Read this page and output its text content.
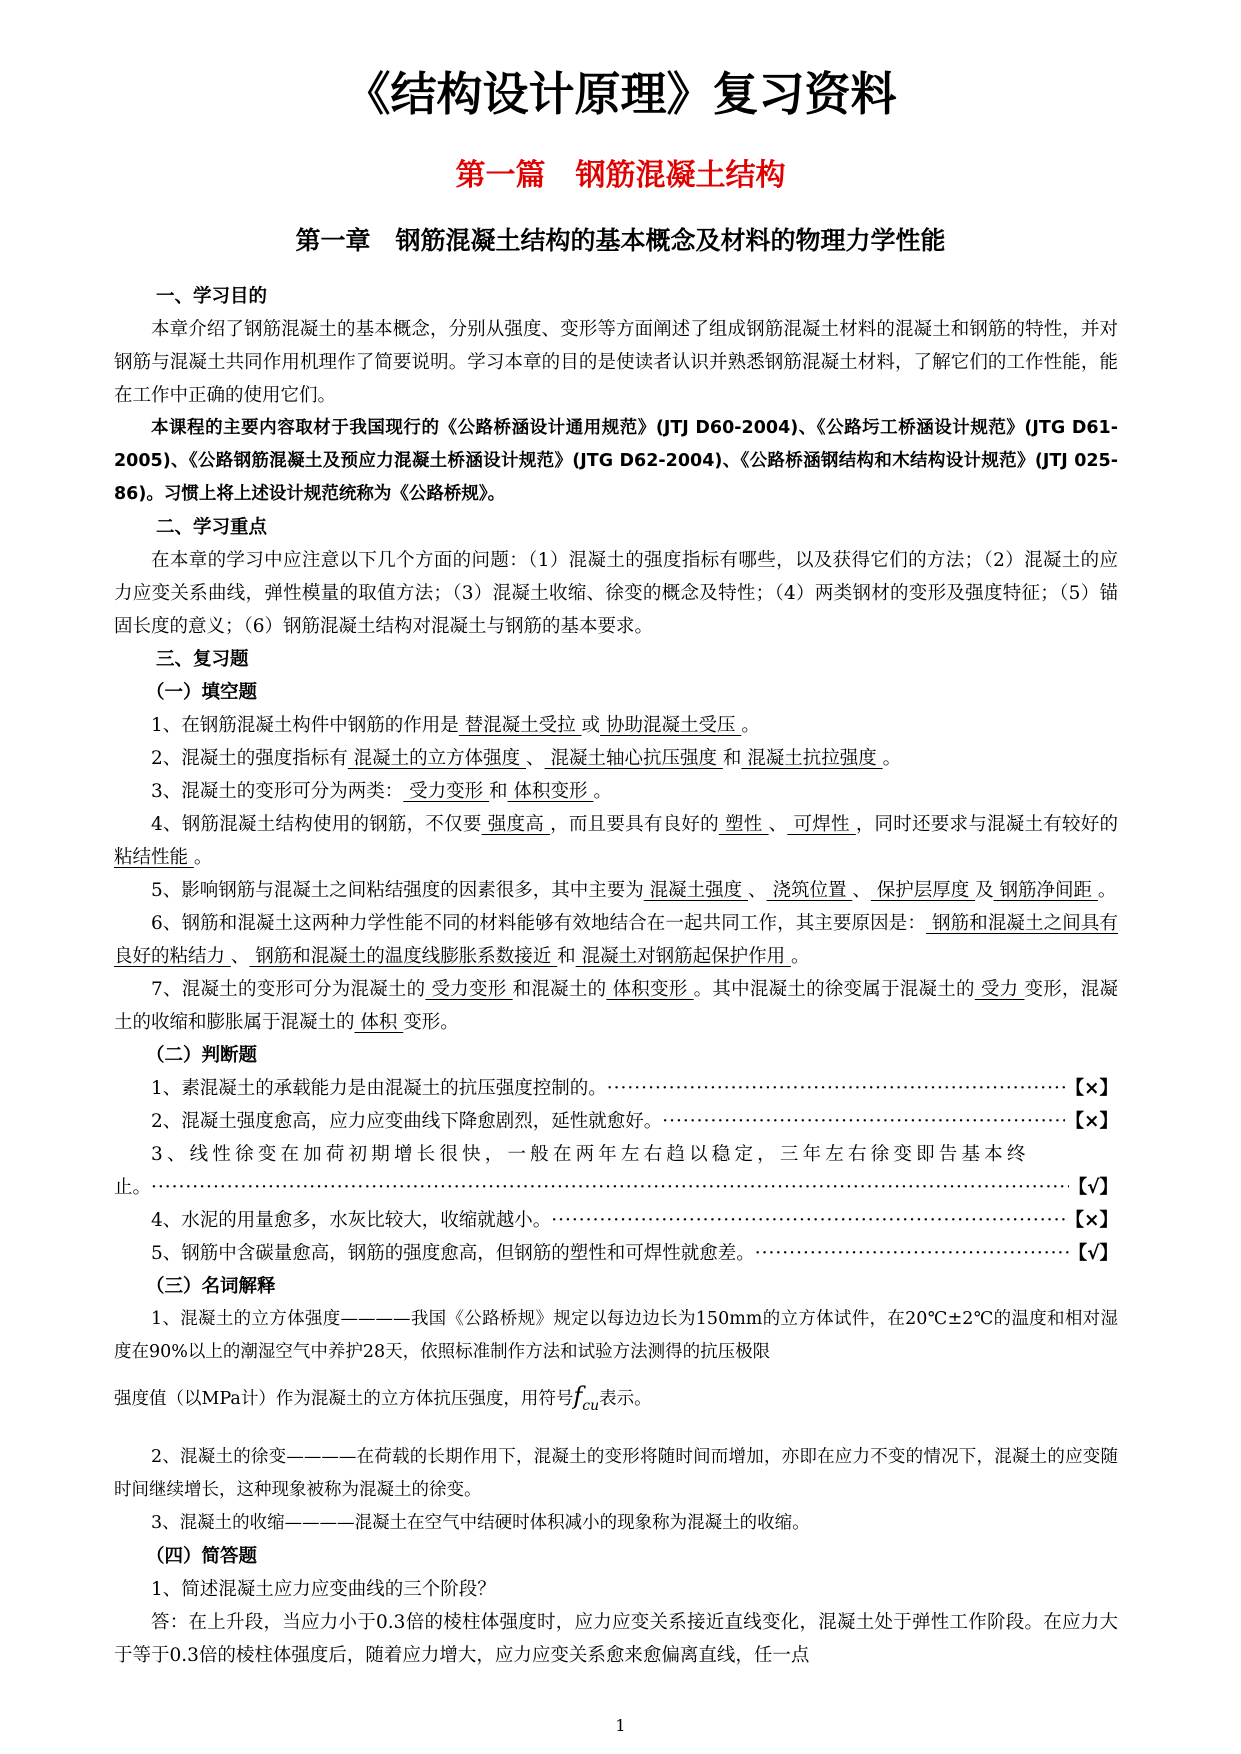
《结构设计原理》复习资料
第一篇　钢筋混凝土结构
第一章　钢筋混凝土结构的基本概念及材料的物理力学性能
一、学习目的
本章介绍了钢筋混凝土的基本概念，分别从强度、变形等方面阐述了组成钢筋混凝土材料的混凝土和钢筋的特性，并对钢筋与混凝土共同作用机理作了简要说明。学习本章的目的是使读者认识并熟悉钢筋混凝土材料，了解它们的工作性能，能在工作中正确的使用它们。
本课程的主要内容取材于我国现行的《公路桥涵设计通用规范》(JTJ D60-2004)、《公路圬工桥涵设计规范》(JTG D61-2005)、《公路钢筋混凝土及预应力混凝土桥涵设计规范》(JTG D62-2004)、《公路桥涵钢结构和木结构设计规范》(JTJ 025-86)。习惯上将上述设计规范统称为《公路桥规》。
二、学习重点
在本章的学习中应注意以下几个方面的问题：（1）混凝土的强度指标有哪些，以及获得它们的方法；（2）混凝土的应力应变关系曲线，弹性模量的取值方法；（3）混凝土收缩、徐变的概念及特性；（4）两类钢材的变形及强度特征；（5）锚固长度的意义；（6）钢筋混凝土结构对混凝土与钢筋的基本要求。
三、复习题
（一）填空题
1、在钢筋混凝土构件中钢筋的作用是 替混凝土受拉 或 协助混凝土受压 。
2、混凝土的强度指标有 混凝土的立方体强度 、 混凝土轴心抗压强度 和 混凝土抗拉强度 。
3、混凝土的变形可分为两类： 受力变形 和 体积变形 。
4、钢筋混凝土结构使用的钢筋，不仅要 强度高 ，而且要具有良好的 塑性 、 可焊性 ，同时还要求与混凝土有较好的 粘结性能 。
5、影响钢筋与混凝土之间粘结强度的因素很多，其中主要为 混凝土强度 、 浇筑位置 、 保护层厚度 及 钢筋净间距 。
6、钢筋和混凝土这两种力学性能不同的材料能够有效地结合在一起共同工作，其主要原因是： 钢筋和混凝土之间具有良好的粘结力 、 钢筋和混凝土的温度线膨胀系数接近 和 混凝土对钢筋起保护作用 。
7、混凝土的变形可分为混凝土的 受力变形 和混凝土的 体积变形 。其中混凝土的徐变属于混凝土的 受力 变形，混凝土的收缩和膨胀属于混凝土的 体积 变形。
（二）判断题
1、素混凝土的承载能力是由混凝土的抗压强度控制的。 ·····	【×】
2、混凝土强度愈高，应力应变曲线下降愈剧烈，延性就愈好。 ·····	【×】
3、线性徐变在加荷初期增长很快，一般在两年左右趋以稳定，三年左右徐变即告基本终
止。 ·····	【√】
4、水泥的用量愈多，水灰比较大，收缩就越小。 ·····	【×】
5、钢筋中含碳量愈高，钢筋的强度愈高，但钢筋的塑性和可焊性就愈差。 ·····	【√】
（三）名词解释
1、混凝土的立方体强度————我国《公路桥规》规定以每边边长为150mm的立方体试件，在20℃±2℃的温度和相对湿度在90%以上的潮湿空气中养护28天，依照标准制作方法和试验方法测得的抗压极限
强度值（以MPa计）作为混凝土的立方体抗压强度，用符号$f_{cu}$表示。
2、混凝土的徐变————在荷载的长期作用下，混凝土的变形将随时间而增加，亦即在应力不变的情况下，混凝土的应变随时间继续增长，这种现象被称为混凝土的徐变。
3、混凝土的收缩————混凝土在空气中结硬时体积减小的现象称为混凝土的收缩。
（四）简答题
1、简述混凝土应力应变曲线的三个阶段？
答：在上升段，当应力小于0.3倍的棱柱体强度时，应力应变关系接近直线变化，混凝土处于弹性工作阶段。在应力大于等于0.3倍的棱柱体强度后，随着应力增大，应力应变关系愈来愈偏离直线，任一点
1
